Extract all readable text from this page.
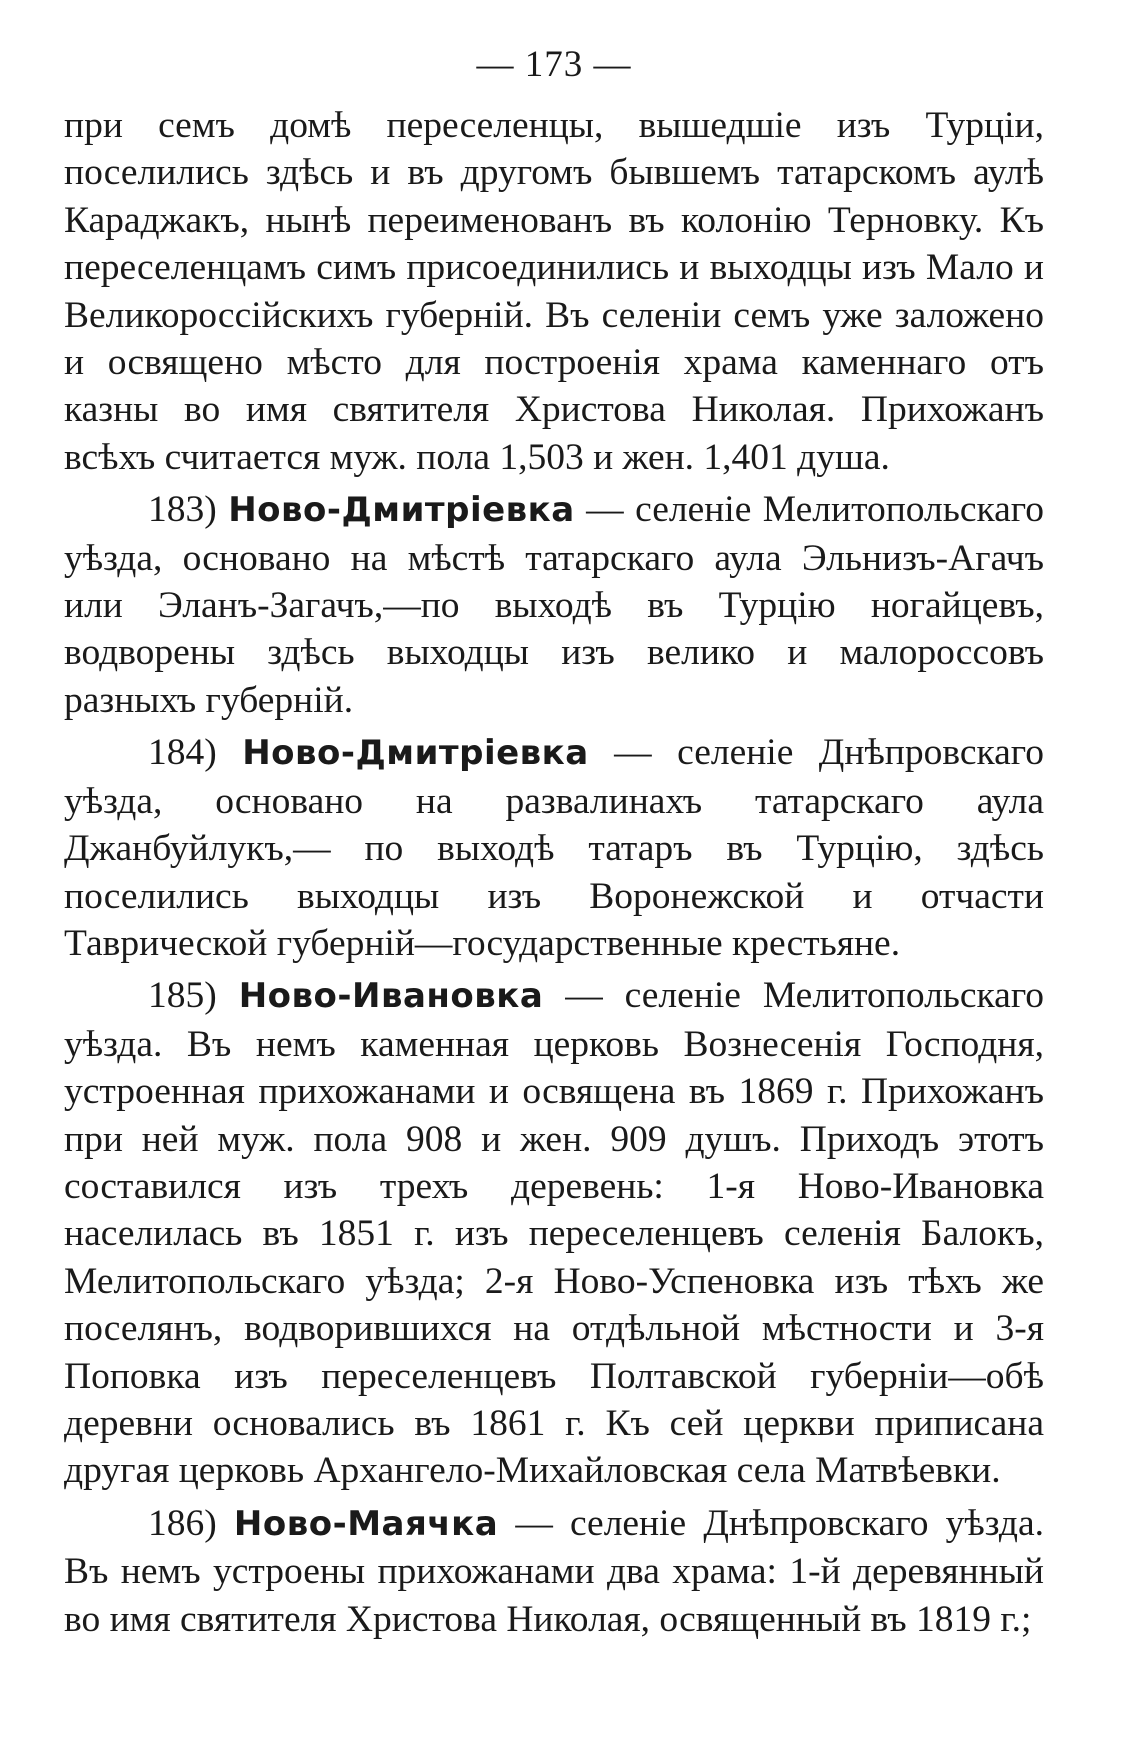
— 173 —

при семъ домѣ переселенцы, вышедшіе изъ Турціи, поселились здѣсь и въ другомъ бывшемъ татарскомъ аулѣ Караджакъ, нынѣ переименованъ въ колонію Терновку. Къ переселенцамъ симъ присоединились и выходцы изъ Мало и Великороссійскихъ губерній. Въ селеніи семъ уже заложено и освящено мѣсто для построенія храма каменнаго отъ казны во имя святителя Христова Николая. Прихожанъ всѣхъ считается муж. пола 1,503 и жен. 1,401 душа.

183) Ново-Дмитріевка — селеніе Мелитопольскаго уѣзда, основано на мѣстѣ татарскаго аула Эльнизъ-Агачъ или Эланъ-Загачъ,—по выходѣ въ Турцію ногайцевъ, водворены здѣсь выходцы изъ велико и малороссовъ разныхъ губерній.

184) Ново-Дмитріевка — селеніе Днѣпровскаго уѣзда, основано на развалинахъ татарскаго аула Джанбуйлукъ,— по выходѣ татаръ въ Турцію, здѣсь поселились выходцы изъ Воронежской и отчасти Таврической губерній—государственные крестьяне.

185) Ново-Ивановка — селеніе Мелитопольскаго уѣзда. Въ немъ каменная церковь Вознесенія Господня, устроенная прихожанами и освящена въ 1869 г. Прихожанъ при ней муж. пола 908 и жен. 909 душъ. Приходъ этотъ составился изъ трехъ деревень: 1-я Ново-Ивановка населилась въ 1851 г. изъ переселенцевъ селенія Балокъ, Мелитопольскаго уѣзда; 2-я Ново-Успеновка изъ тѣхъ же поселянъ, водворившихся на отдѣльной мѣстности и 3-я Поповка изъ переселенцевъ Полтавской губерніи—обѣ деревни основались въ 1861 г. Къ сей церкви приписана другая церковь Архангело-Михайловская села Матвѣевки.

186) Ново-Маячка — селеніе Днѣпровскаго уѣзда. Въ немъ устроены прихожанами два храма: 1-й деревянный во имя святителя Христова Николая, освященный въ 1819 г.;
